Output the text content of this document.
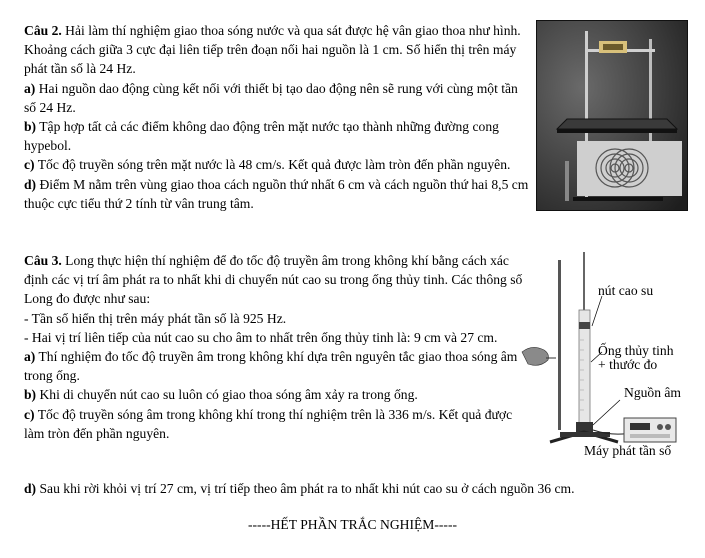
Câu 2. Hải làm thí nghiệm giao thoa sóng nước và qua sát được hệ vân giao thoa như hình. Khoảng cách giữa 3 cực đại liên tiếp trên đoạn nối hai nguồn là 1 cm. Số hiển thị trên máy phát tần số là 24 Hz.

a) Hai nguồn dao động cùng kết nối với thiết bị tạo dao động nên sẽ rung với cùng một tần số 24 Hz.

b) Tập hợp tất cả các điểm không dao động trên mặt nước tạo thành những đường cong hypebol.

c) Tốc độ truyền sóng trên mặt nước là 48 cm/s. Kết quả được làm tròn đến phần nguyên.

d) Điểm M nằm trên vùng giao thoa cách nguồn thứ nhất 6 cm và cách nguồn thứ hai 8,5 cm thuộc cực tiểu thứ 2 tính từ vân trung tâm.

Câu 3. Long thực hiện thí nghiệm để đo tốc độ truyền âm trong không khí bằng cách xác định các vị trí âm phát ra to nhất khi di chuyển nút cao su trong ống thủy tinh. Các thông số Long đo được như sau:

- Tần số hiển thị trên máy phát tần số là 925 Hz.

- Hai vị trí liên tiếp của nút cao su cho âm to nhất trên ống thủy tinh là: 9 cm và 27 cm.

a) Thí nghiệm đo tốc độ truyền âm trong không khí dựa trên nguyên tắc giao thoa sóng âm trong ống.

b) Khi di chuyển nút cao su luôn có giao thoa sóng âm xảy ra trong ống.

c) Tốc độ truyền sóng âm trong không khí trong thí nghiệm trên là 336 m/s. Kết quả được làm tròn đến phần nguyên.

d) Sau khi rời khỏi vị trí 27 cm, vị trí tiếp theo âm phát ra to nhất khi nút cao su ở cách nguồn 36 cm.

nút cao su
Ống thủy tinh
+ thước đo
Nguồn âm
Máy phát tần số
-----HẾT PHẦN TRẮC NGHIỆM-----
